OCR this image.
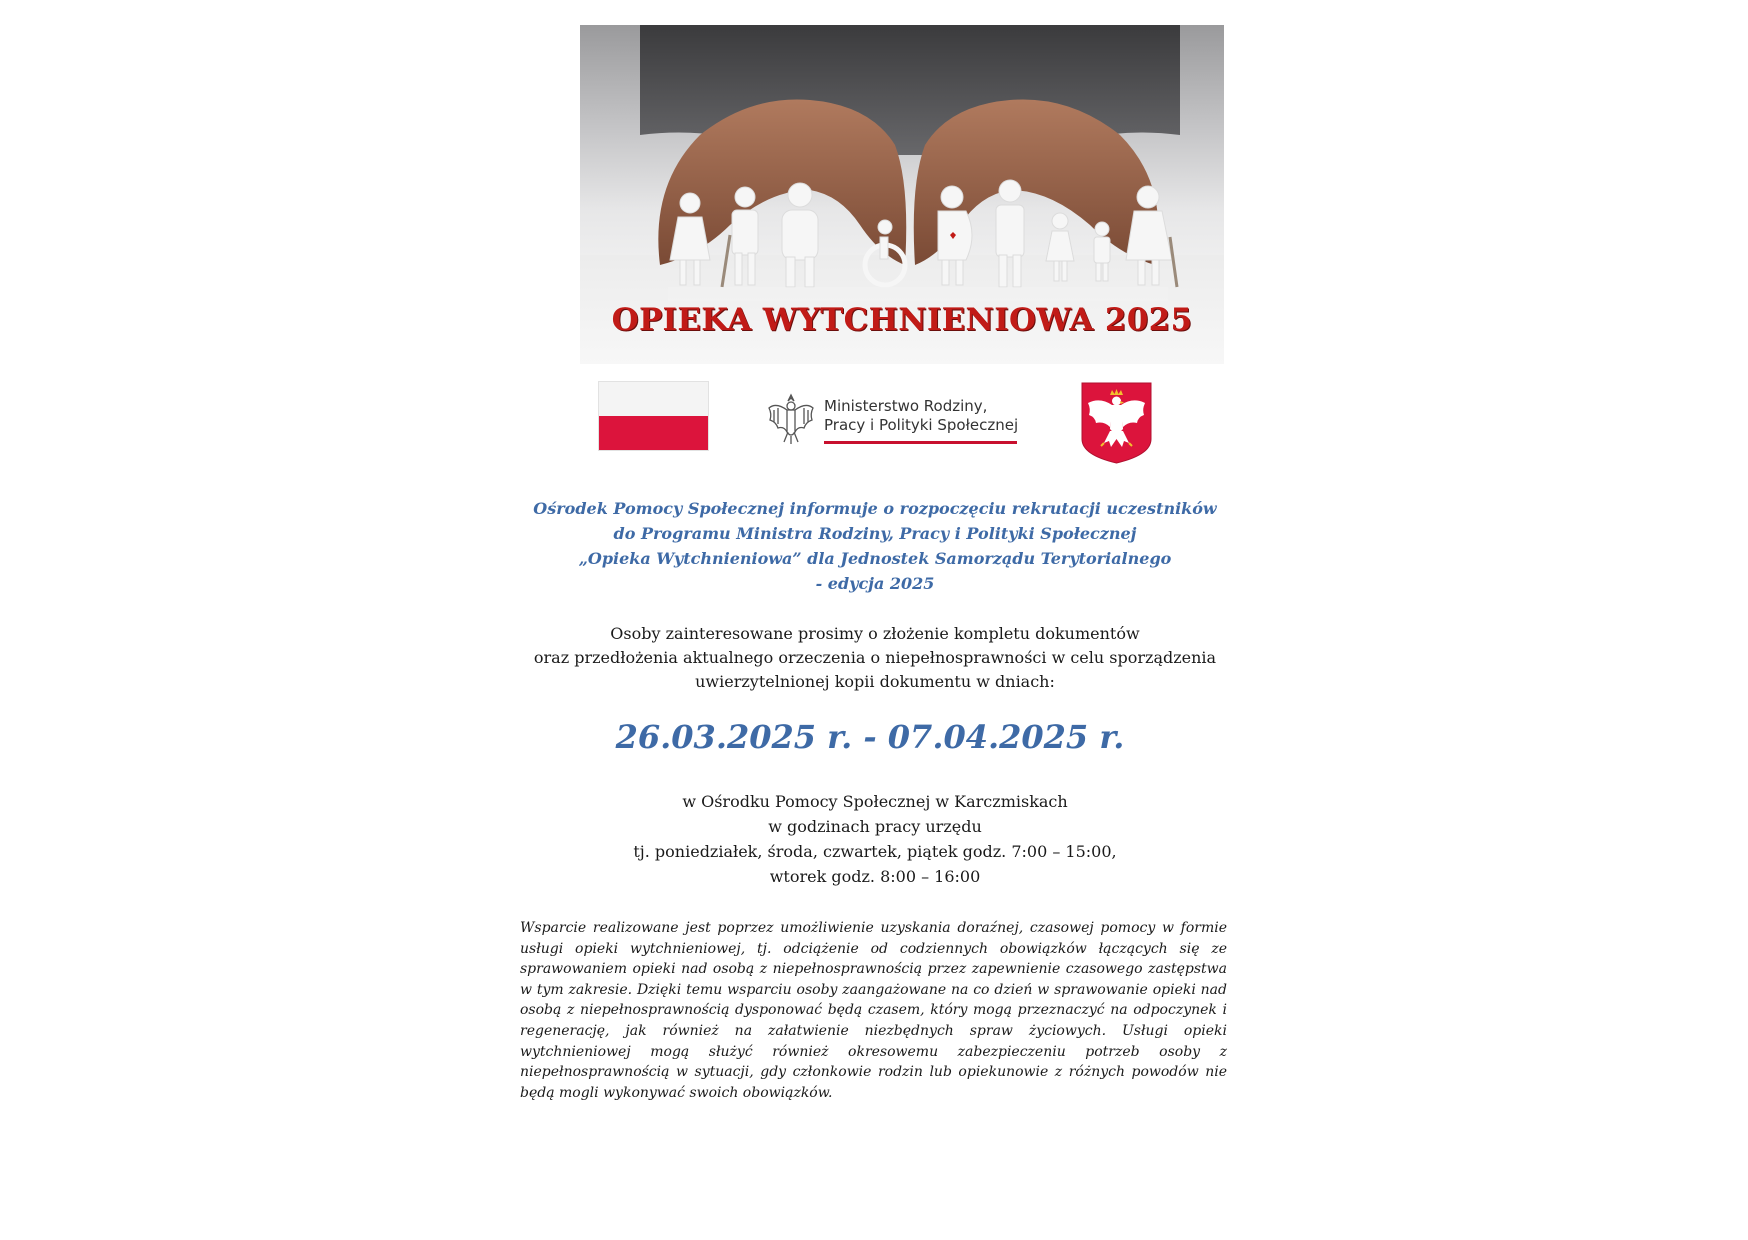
OPIEKA WYTCHNIENIOWA 2025
Ministerstwo Rodziny,
Pracy i Polityki Społecznej
Ośrodek Pomocy Społecznej informuje o rozpoczęciu rekrutacji uczestników
do Programu Ministra Rodziny, Pracy i Polityki Społecznej
„Opieka Wytchnieniowa” dla Jednostek Samorządu Terytorialnego
- edycja 2025
Osoby zainteresowane prosimy o złożenie kompletu dokumentów
oraz przedłożenia aktualnego orzeczenia o niepełnosprawności w celu sporządzenia
uwierzytelnionej kopii dokumentu w dniach:
26.03.2025 r. - 07.04.2025 r.
w Ośrodku Pomocy Społecznej w Karczmiskach
w godzinach pracy urzędu
tj. poniedziałek, środa, czwartek, piątek godz. 7:00 – 15:00,
wtorek godz. 8:00 – 16:00
Wsparcie realizowane jest poprzez umożliwienie uzyskania doraźnej, czasowej pomocy w formie usługi opieki wytchnieniowej, tj. odciążenie od codziennych obowiązków łączących się ze sprawowaniem opieki nad osobą z niepełnosprawnością przez zapewnienie czasowego zastępstwa w tym zakresie. Dzięki temu wsparciu osoby zaangażowane na co dzień w sprawowanie opieki nad osobą z niepełnosprawnością dysponować będą czasem, który mogą przeznaczyć na odpoczynek i regenerację, jak również na załatwienie niezbędnych spraw życiowych. Usługi opieki wytchnieniowej mogą służyć również okresowemu zabezpieczeniu potrzeb osoby z niepełnosprawnością w sytuacji, gdy członkowie rodzin lub opiekunowie z różnych powodów nie będą mogli wykonywać swoich obowiązków.
